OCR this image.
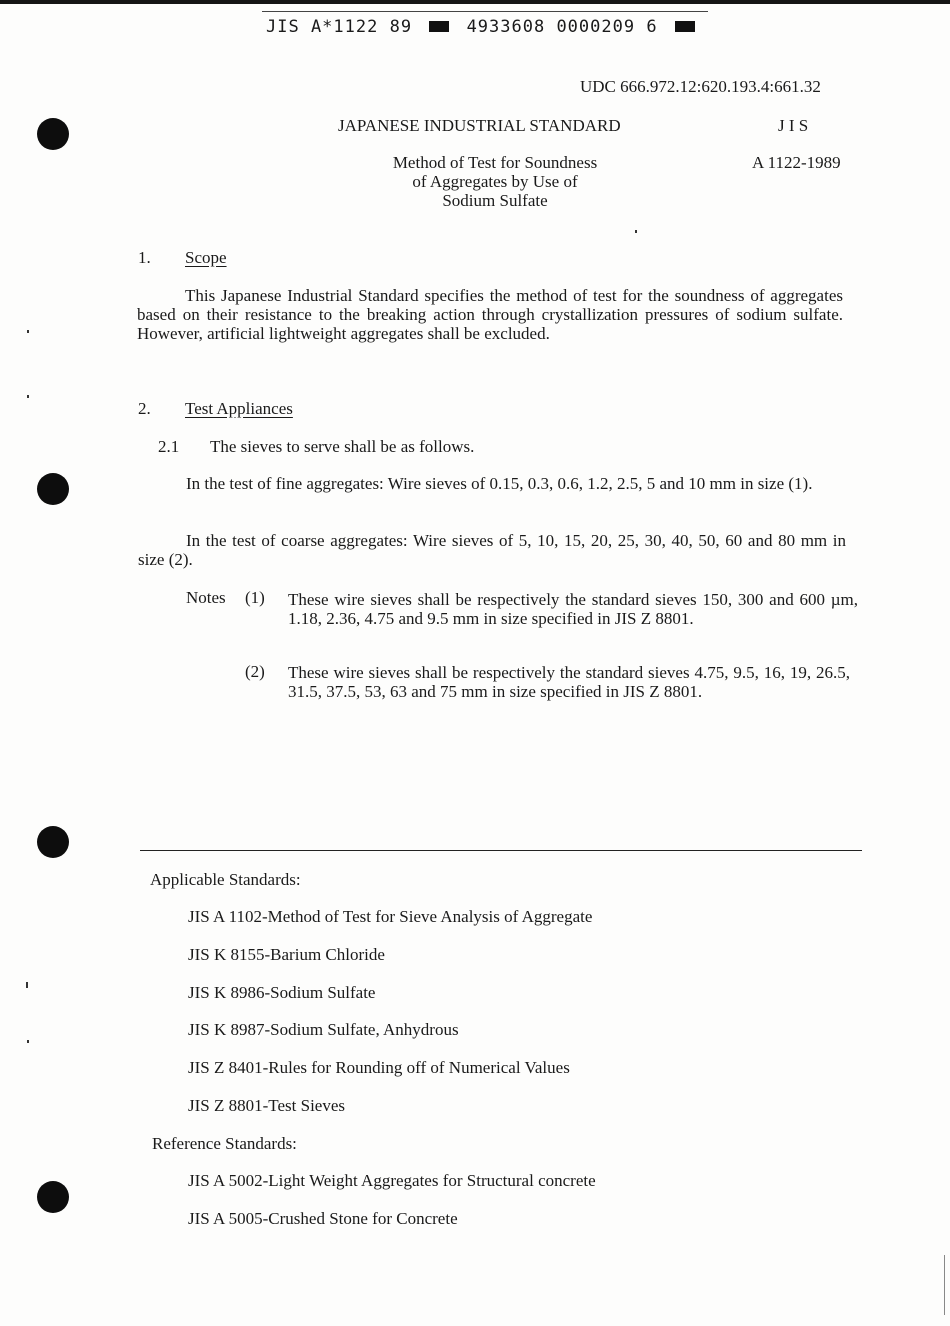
JIS A*1122 89	4933608 0000209 6
UDC 666.972.12:620.193.4:661.32
JAPANESE INDUSTRIAL STANDARD	J I S
Method of Test for Soundness
of Aggregates by Use of
Sodium Sulfate
A 1122-1989
1. Scope
This Japanese Industrial Standard specifies the method of test for the soundness of aggregates based on their resistance to the breaking action through crystallization pressures of sodium sulfate. However, artificial lightweight aggregates shall be excluded.
2. Test Appliances
2.1 The sieves to serve shall be as follows.
In the test of fine aggregates: Wire sieves of 0.15, 0.3, 0.6, 1.2, 2.5, 5 and 10 mm in size (1).
In the test of coarse aggregates: Wire sieves of 5, 10, 15, 20, 25, 30, 40, 50, 60 and 80 mm in size (2).
Notes (1) These wire sieves shall be respectively the standard sieves 150, 300 and 600 µm, 1.18, 2.36, 4.75 and 9.5 mm in size specified in JIS Z 8801.
(2) These wire sieves shall be respectively the standard sieves 4.75, 9.5, 16, 19, 26.5, 31.5, 37.5, 53, 63 and 75 mm in size specified in JIS Z 8801.
Applicable Standards:
JIS A 1102-Method of Test for Sieve Analysis of Aggregate
JIS K 8155-Barium Chloride
JIS K 8986-Sodium Sulfate
JIS K 8987-Sodium Sulfate, Anhydrous
JIS Z 8401-Rules for Rounding off of Numerical Values
JIS Z 8801-Test Sieves
Reference Standards:
JIS A 5002-Light Weight Aggregates for Structural concrete
JIS A 5005-Crushed Stone for Concrete
